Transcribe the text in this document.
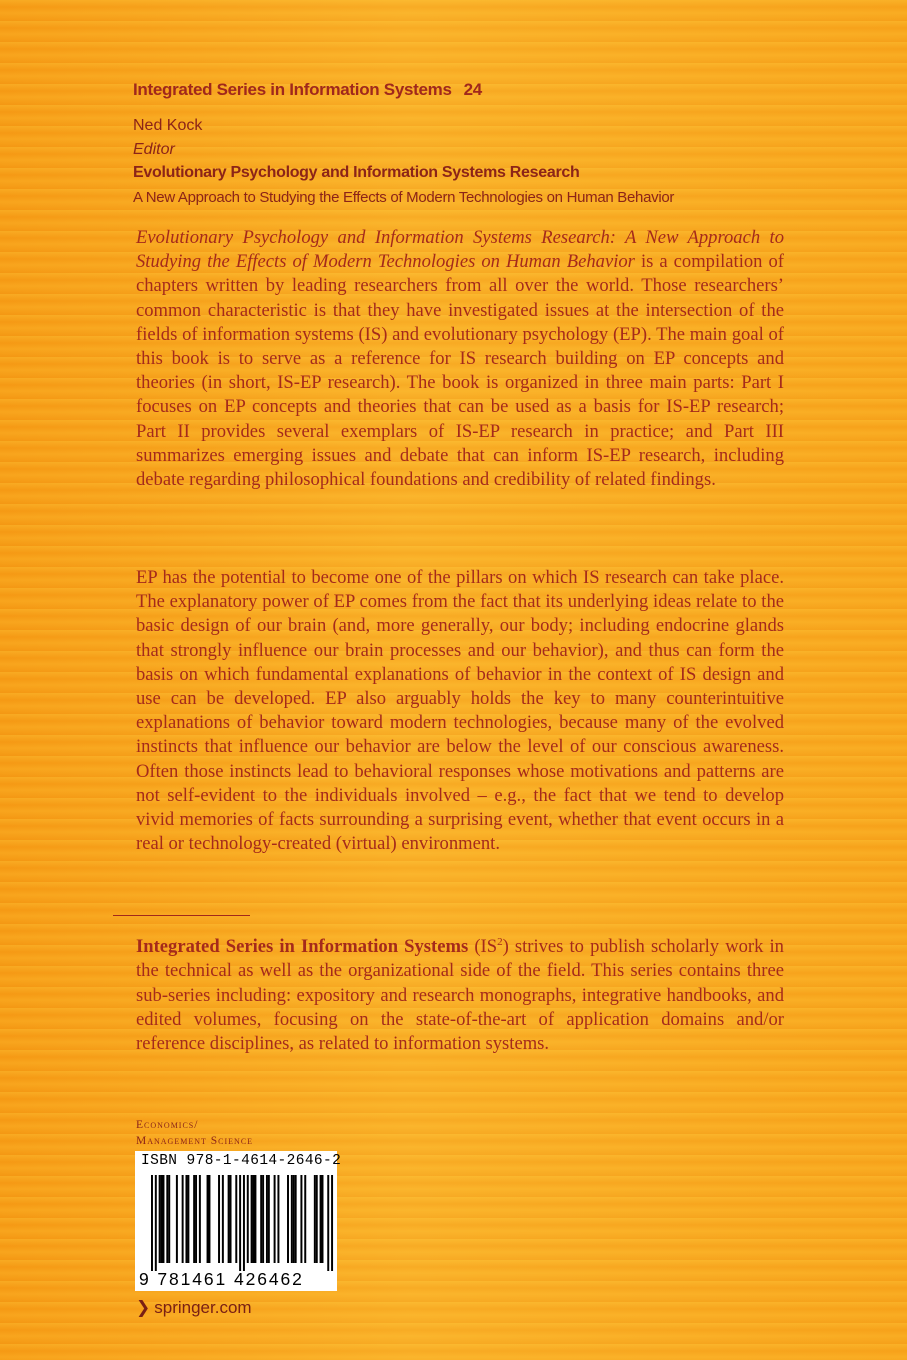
Integrated Series in Information Systems 24
Ned Kock
Editor
Evolutionary Psychology and Information Systems Research
A New Approach to Studying the Effects of Modern Technologies on Human Behavior
Evolutionary Psychology and Information Systems Research: A New Approach to Studying the Effects of Modern Technologies on Human Behavior is a compilation of chapters written by leading researchers from all over the world. Those researchers’ common characteristic is that they have investigated issues at the intersection of the fields of information systems (IS) and evolutionary psychology (EP). The main goal of this book is to serve as a reference for IS research building on EP concepts and theories (in short, IS-EP research). The book is organized in three main parts: Part I focuses on EP concepts and theories that can be used as a basis for IS-EP research; Part II provides several exemplars of IS-EP research in practice; and Part III summarizes emerging issues and debate that can inform IS-EP research, including debate regarding philosophical foundations and credibility of related findings.
EP has the potential to become one of the pillars on which IS research can take place. The explanatory power of EP comes from the fact that its underlying ideas relate to the basic design of our brain (and, more generally, our body; including endocrine glands that strongly influence our brain processes and our behavior), and thus can form the basis on which fundamental explanations of behavior in the context of IS design and use can be developed. EP also arguably holds the key to many counterintuitive explanations of behavior toward modern technologies, because many of the evolved instincts that influence our behavior are below the level of our conscious awareness. Often those instincts lead to behavioral responses whose motivations and patterns are not self-evident to the individuals involved – e.g., the fact that we tend to develop vivid memories of facts surrounding a surprising event, whether that event occurs in a real or technology-created (virtual) environment.
Integrated Series in Information Systems $(IS^2)$ strives to publish scholarly work in the technical as well as the organizational side of the field. This series contains three sub-series including: expository and research monographs, integrative handbooks, and edited volumes, focusing on the state-of-the-art of application domains and/or reference disciplines, as related to information systems.
Economics/
Management Science
ISBN 978-1-4614-2646-2
9 781461 426462
❯ springer.com
